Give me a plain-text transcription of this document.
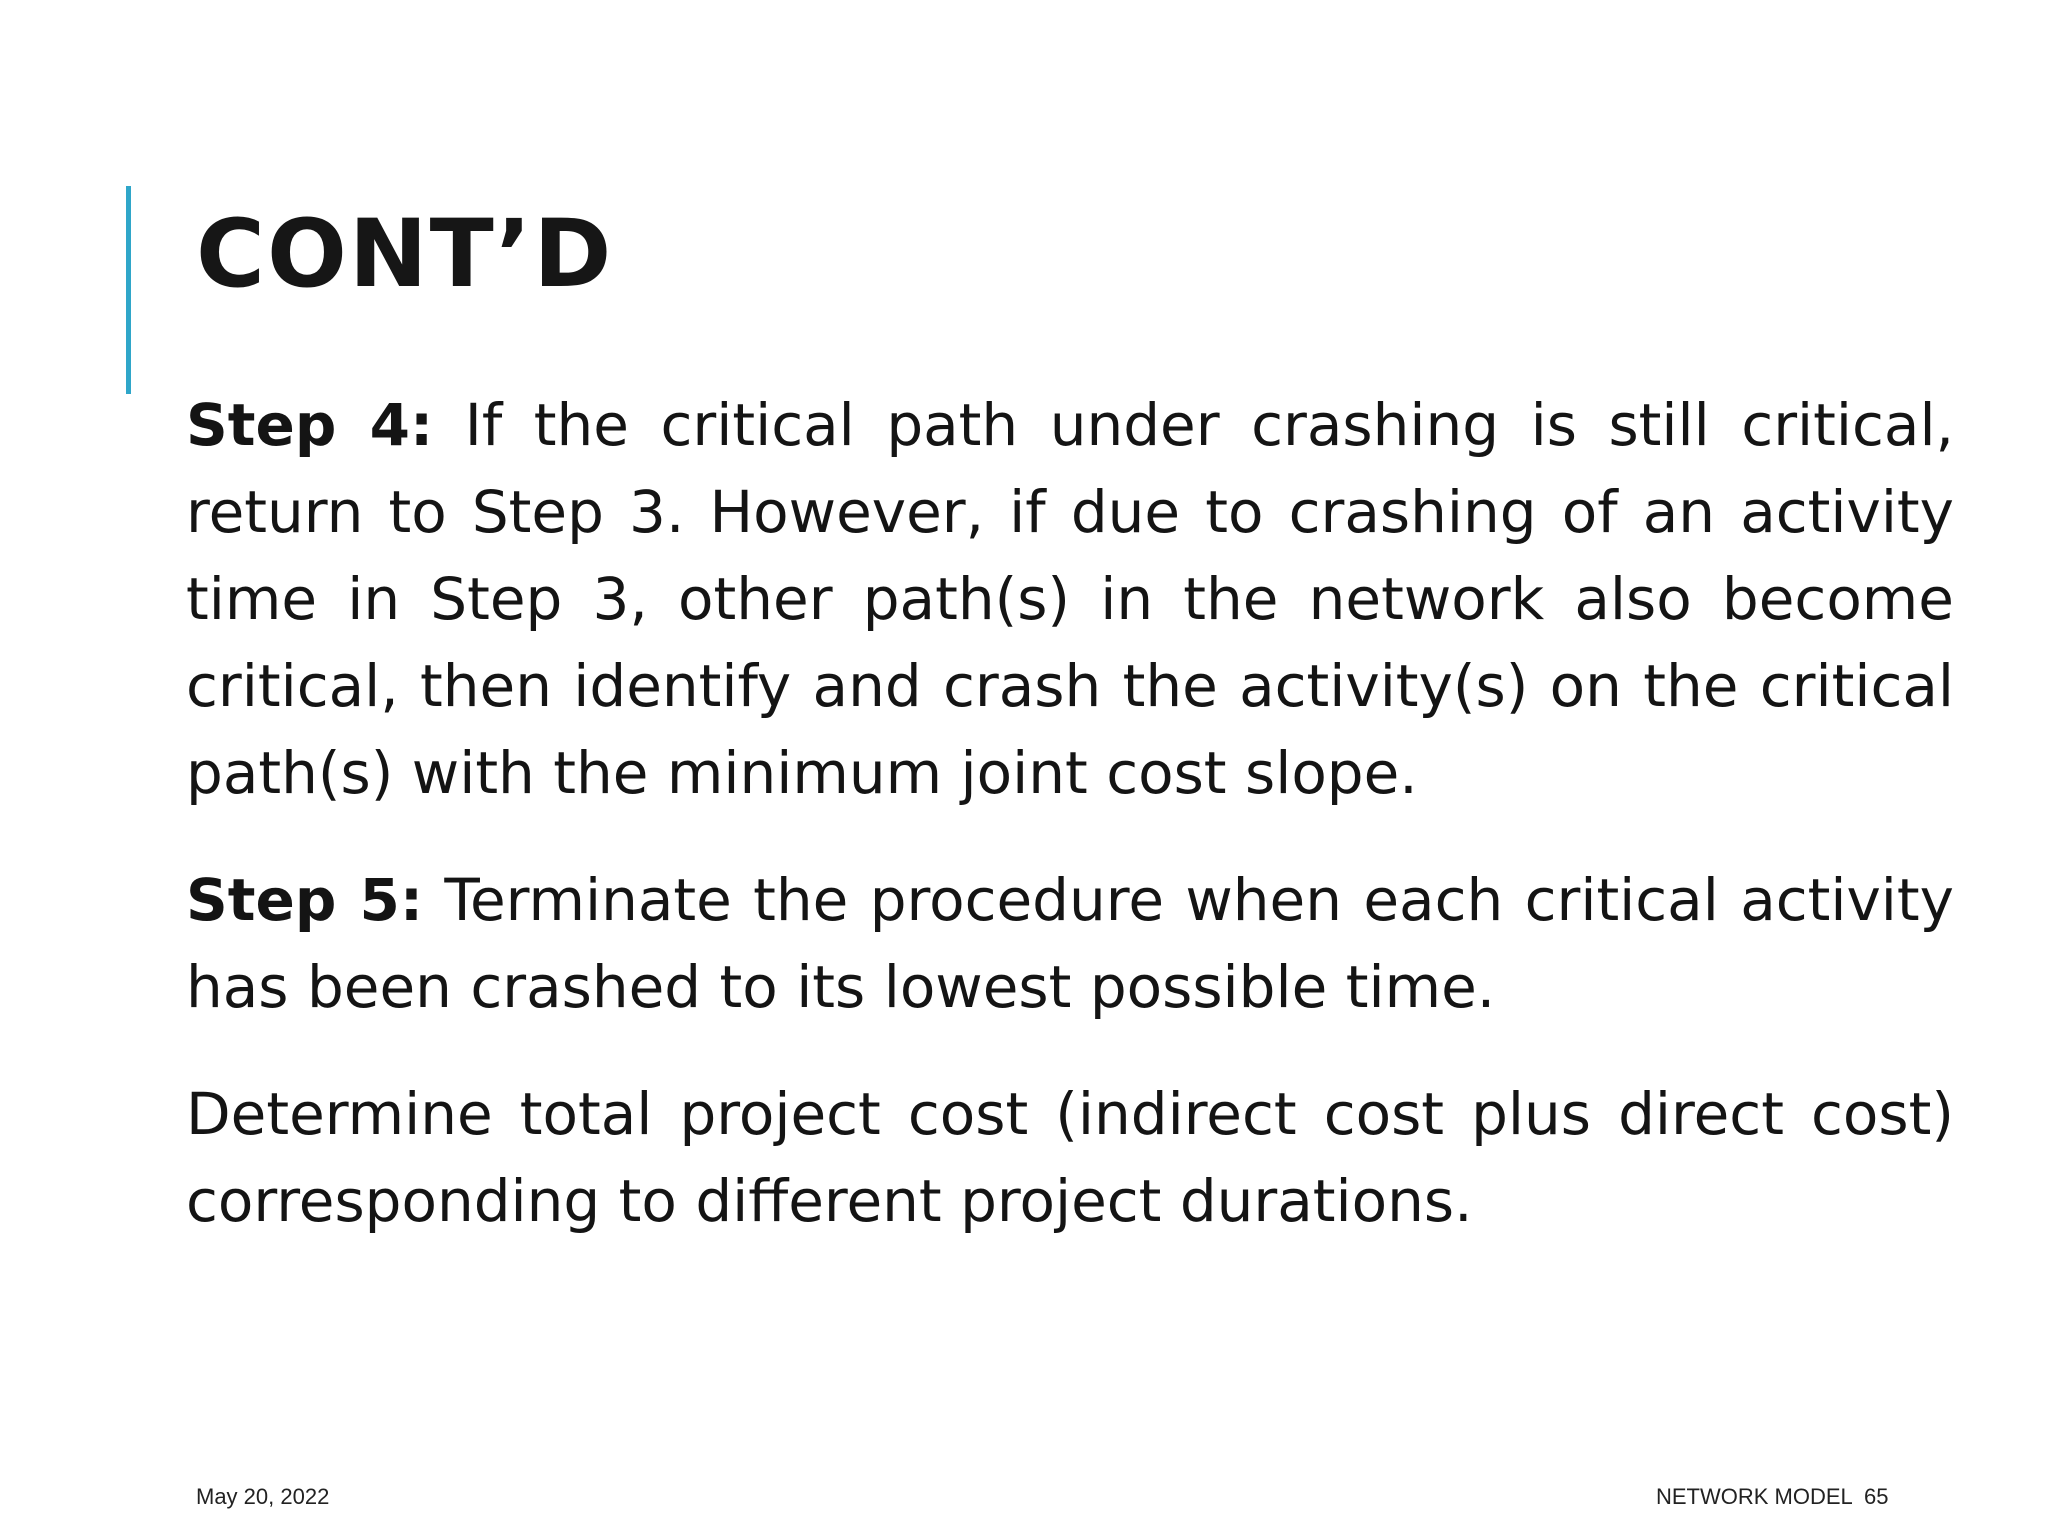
CONT’D

Step 4: If the critical path under crashing is still critical, return to Step 3. However, if due to crashing of an activity time in Step 3, other path(s) in the network also become critical, then identify and crash the activity(s) on the critical path(s) with the minimum joint cost slope.

Step 5: Terminate the procedure when each critical activity has been crashed to its lowest possible time.

Determine total project cost (indirect cost plus direct cost) corresponding to different project durations.

May 20, 2022	NETWORK MODEL 65
